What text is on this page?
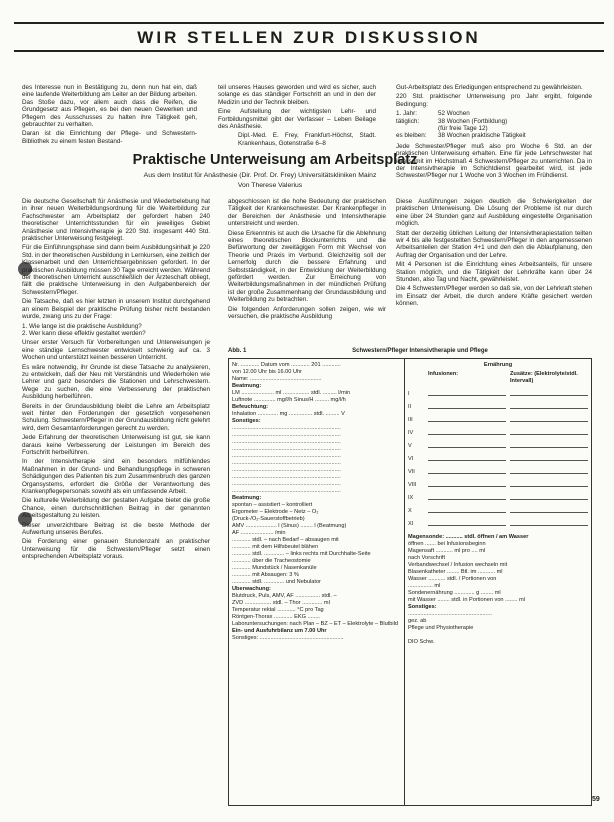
WIR STELLEN ZUR DISKUSSION

des Interesse nun in Bestätigung zu, denn nun hat ein, daß eine laufende Weiterbildung am Leiter an der Bildung arbeiten. Das Stoße dazu, vor allem auch dass die Reifen, die Grundgesetz aus Pflegen, es bei den neuen Gewerken und Pflegern des Ausschusses zu halten ihre Tätigkeit geh, gebrauchter zu verhalten.

Daran ist die Einrichtung der Pflege- und Schwestern-Bibliothek zu einem festen Bestand-

teil unseres Hauses geworden und wird es sicher, auch solange es das ständiger Fortschritt an und in den der Medizin und der Technik bleiben.

Eine Aufstellung der wichtigsten Lehr- und Fortbildungsmittel gibt der Verfasser – Leben Beilage des Anästhesie.

Dipl.-Med. E. Frey, Frankfurt-Höchst, Stadt. Krankenhaus, Gotenstraße 6–8

Gut-Arbeitsplatz des Erledigungen entsprechend zu gewährleisten.

220 Std. praktischer Unterweisung pro Jahr ergibt, folgende Bedingung:

1. Jahr:	52 Wochen
tätiglich:	38 Wochen (Fortbildung)
(für freie Tage 12)
es bleiben:	38 Wochen praktische Tätigkeit

Jede Schwester/Pfleger muß also pro Woche 6 Std. an der praktischen Unterweisung erhalten. Eine für jede Lehrschwester hat ihre somit im Höchstmaß 4 Schwestern/Pfleger zu unterrichten. Da in der Intensivtherapie im Schichtdienst gearbeitet wird, ist jede Schwester/Pfleger nur 1 Woche von 3 Wochen im Frühdienst.

Praktische Unterweisung am Arbeitsplatz
Aus dem Institut für Anästhesie (Dir. Prof. Dr. Frey) Universitätskliniken Mainz
Von Therese Valerius

Die deutsche Gesellschaft für Anästhesie und Wiederbelebung hat in ihrer neuen Weiterbildungsordnung für die Weiterbildung zur Fachschwester am Arbeitsplatz der gefordert haben 240 theoretischer Unterrichtsstunden für ein jeweiliges Gebiet Anästhesie und Intensivtherapie je 220 Std. insgesamt 440 Std. praktischer Unterweisung festgelegt.

Für die Einführungsphase sind dann beim Ausbildungsinhalt je 220 Std. in der theoretischen Ausbildung in Lernkursen, eine zeitlich der Klassenarbeit und den Unterrichtsergebnissen gefordert. In der praktischen Ausbildung müssen 30 Tage erreicht werden. Während der theoretischen Unterricht ausschließlich der Ärzteschaft obliegt, fällt die praktische Unterweisung in den Aufgabenbereich der Schwestern/Pfleger.

Die Tatsache, daß es hier letzten in unserem Institut durchgehend an einem Beispiel der praktische Prüfung bisher nicht bestanden wurde, zwang uns zu der Frage:

1. Wie lange ist die praktische Ausbildung?

2. Wer kann diese effektiv gestaltet werden?

Unser erster Versuch für Vorbereitungen und Unterweisungen je eine ständige Lernschwester entwickelt schwierig auf ca. 3 Wochen und unterstützt keinen besseren Unterricht.

Es wäre notwendig, ihr Grunde ist diese Tatsache zu analysieren, zu entwickeln, daß der Neu mit Verständnis und Wiederholen wie Lehrer und ganz besonders die Stationen und Lehrschwestern. Wege zu suchen, die eine Verbesserung der praktischen Ausbildung herbeiführen.

Bereits in der Grundausbildung bleibt die Lehre am Arbeitsplatz weit hinter den Forderungen der gesetzlich vorgesehenen Schulung. Schwestern/Pfleger in der Grundausbildung nicht gelehrt wird, dem Gesamtanforderungen gerecht zu werden.

Jede Erfahrung der theoretischen Unterweisung ist gut, sie kann daraus keine Verbesserung der Leistungen im Bereich des Fortschritt herbeiführen.

In der Intensivtherapie sind ein besonders mitfühlendes Maßnahmen in der Grund- und Behandlungspflege in schweren Schädigungen des Patienten bis zum Zusammenbruch des ganzen Organsystems, erfordert die Größe der Verantwortung des Krankenpflegepersonals sowohl als ein umfassende Arbeit.

Die kulturelle Weiterbildung der gestalten Aufgabe bietet die große Chance, einen durchschnittlichen Beitrag in der genannten Arbeitsgestaltung zu leisten.

Dieser unverzichtbare Beitrag ist die beste Methode der Aufwertung unseres Berufes.

Die Forderung einer genauen Stundenzahl an praktischer Unterweisung für die Schwestern/Pfleger setzt einen entsprechenden Arbeitsplatz voraus.

abgeschlossen ist die hohe Bedeutung der praktischen Tätigkeit der Krankenschwester. Der Krankenpfleger in der Bereichen der Anästhesie und Intensivtherapie unterstreicht und werden.

Diese Erkenntnis ist auch die Ursache für die Ablehnung eines theoretischen Blockunterrichts und die Befürwortung der zweitägigen Form mit Wechsel von Theorie und Praxis im Verbund. Gleichzeitig soll der Lernerfolg durch die bessere Erfahrung und Selbstständigkeit, in der Entwicklung der Weiterbildung gefördert werden. Zur Erreichung von Weiterbildungsmaßnahmen in der mündlichen Prüfung ist der große Zusammenhang der Grundausbildung und Weiterbildung zu betrachten.

Die folgenden Anforderungen sollen zeigen, wie wir versuchen, die praktische Ausbildung

Diese Ausführungen zeigen deutlich die Schwierigkeiten der praktischen Unterweisung. Die Lösung der Probleme ist nur durch eine über 24 Stunden ganz auf Ausbildung eingestellte Organisation möglich.

Statt der derzeitig üblichen Leitung der Intensivtherapiestation teilten wir 4 bis alle festgestellten Schwestern/Pfleger in den angemessenen Arbeitsanteilen der Station 4+1 und den den die Ablaufplanung, den Auftrag der Organisation und der Lehre.

Mit 4 Personen ist die Einrichtung eines Arbeitsanteils, für unsere Station möglich, und die Tätigkeit der Lehrkräfte kann über 24 Stunden, also Tag und Nacht, gewährleistet.

Die 4 Schwestern/Pfleger werden so daß sie, von der Lehrkraft stehen im Einsatz der Arbeit, die durch andere Kräfte gesichert werden können.

Abb. 1	Schwestern/Pfleger Intensivtherapie und Pflege
Nr. ............ Datum vom ............ 201 ............
von 12.00 Uhr bis 16.00 Uhr
Name: ..............................................
Beatmung:
LM ..................... ml ................. stdl. ......... l/min
Luftnote .............. mg/l/h Sinus/H ......... mg/l/h
Befeuchtung:
Inhalation ............. mg ............... stdl. ......... V
Sonstiges:
......................................................................
......................................................................
......................................................................
......................................................................
......................................................................
......................................................................
......................................................................
......................................................................
......................................................................
......................................................................
Beatmung:
spontan – assistiert – kontrolliert
Ergometer – Elektrode – Netz – O₂
(Druck-/O₂-Sauerstoffbetrieb)
AMV .................... l (Sinus) ........ l (Beatmung)
AF ..................... /min
............ stdl. – nach Bedarf – absaugen mit
............ mit dem Hilfsbeutel blähen
............ stdl. ............. – links rechts mit Durchhalte-Seite
............ über die Tracheostomie
............ Mundstück / Nasenkanüle
............ mit Absaugen: 3 %
............ stdl. ............. und Nebulator
Überwachung:
Blutdruck, Puls, AMV, AF ................ stdl. –
ZVD ................. stdl. – Thor ............. ml
Temperatur rektal ............ °C pro Tag
Röntgen-Thorax ............ EKG ........
Laboruntersuchungen: nach Plan – BZ – ET – Elektrolyte – Blutbild
Ein- und Ausfuhrbilanz um 7.00 Uhr
Sonstiges: ......................................................
Ernährung
Infusionen:	Zusätze: (Elektrolyte/stdl. Intervall)
I
II
III
IV
V
VI
VII
VIII
IX
X
XI
Magensonde: ........... stdl. öffnen / am Wasser
öffnen ....... bei Infusionsbeginn
Magensaft ........... ml pro .... ml
nach Vorschrift
Verbandwechsel / Infusion wechseln mit
Blasenkatheter ........ Btl. im ........... ml
Wasser ........... stdl. / Portionen von
................ ml
Sondenernährung ............. g ........ ml
mit Wasser ........ stdl. in Portionen von ........ ml
Sonstiges:
......................................................
gez. ab
Pflege und Physiotherapie
DIO Schw.
59
